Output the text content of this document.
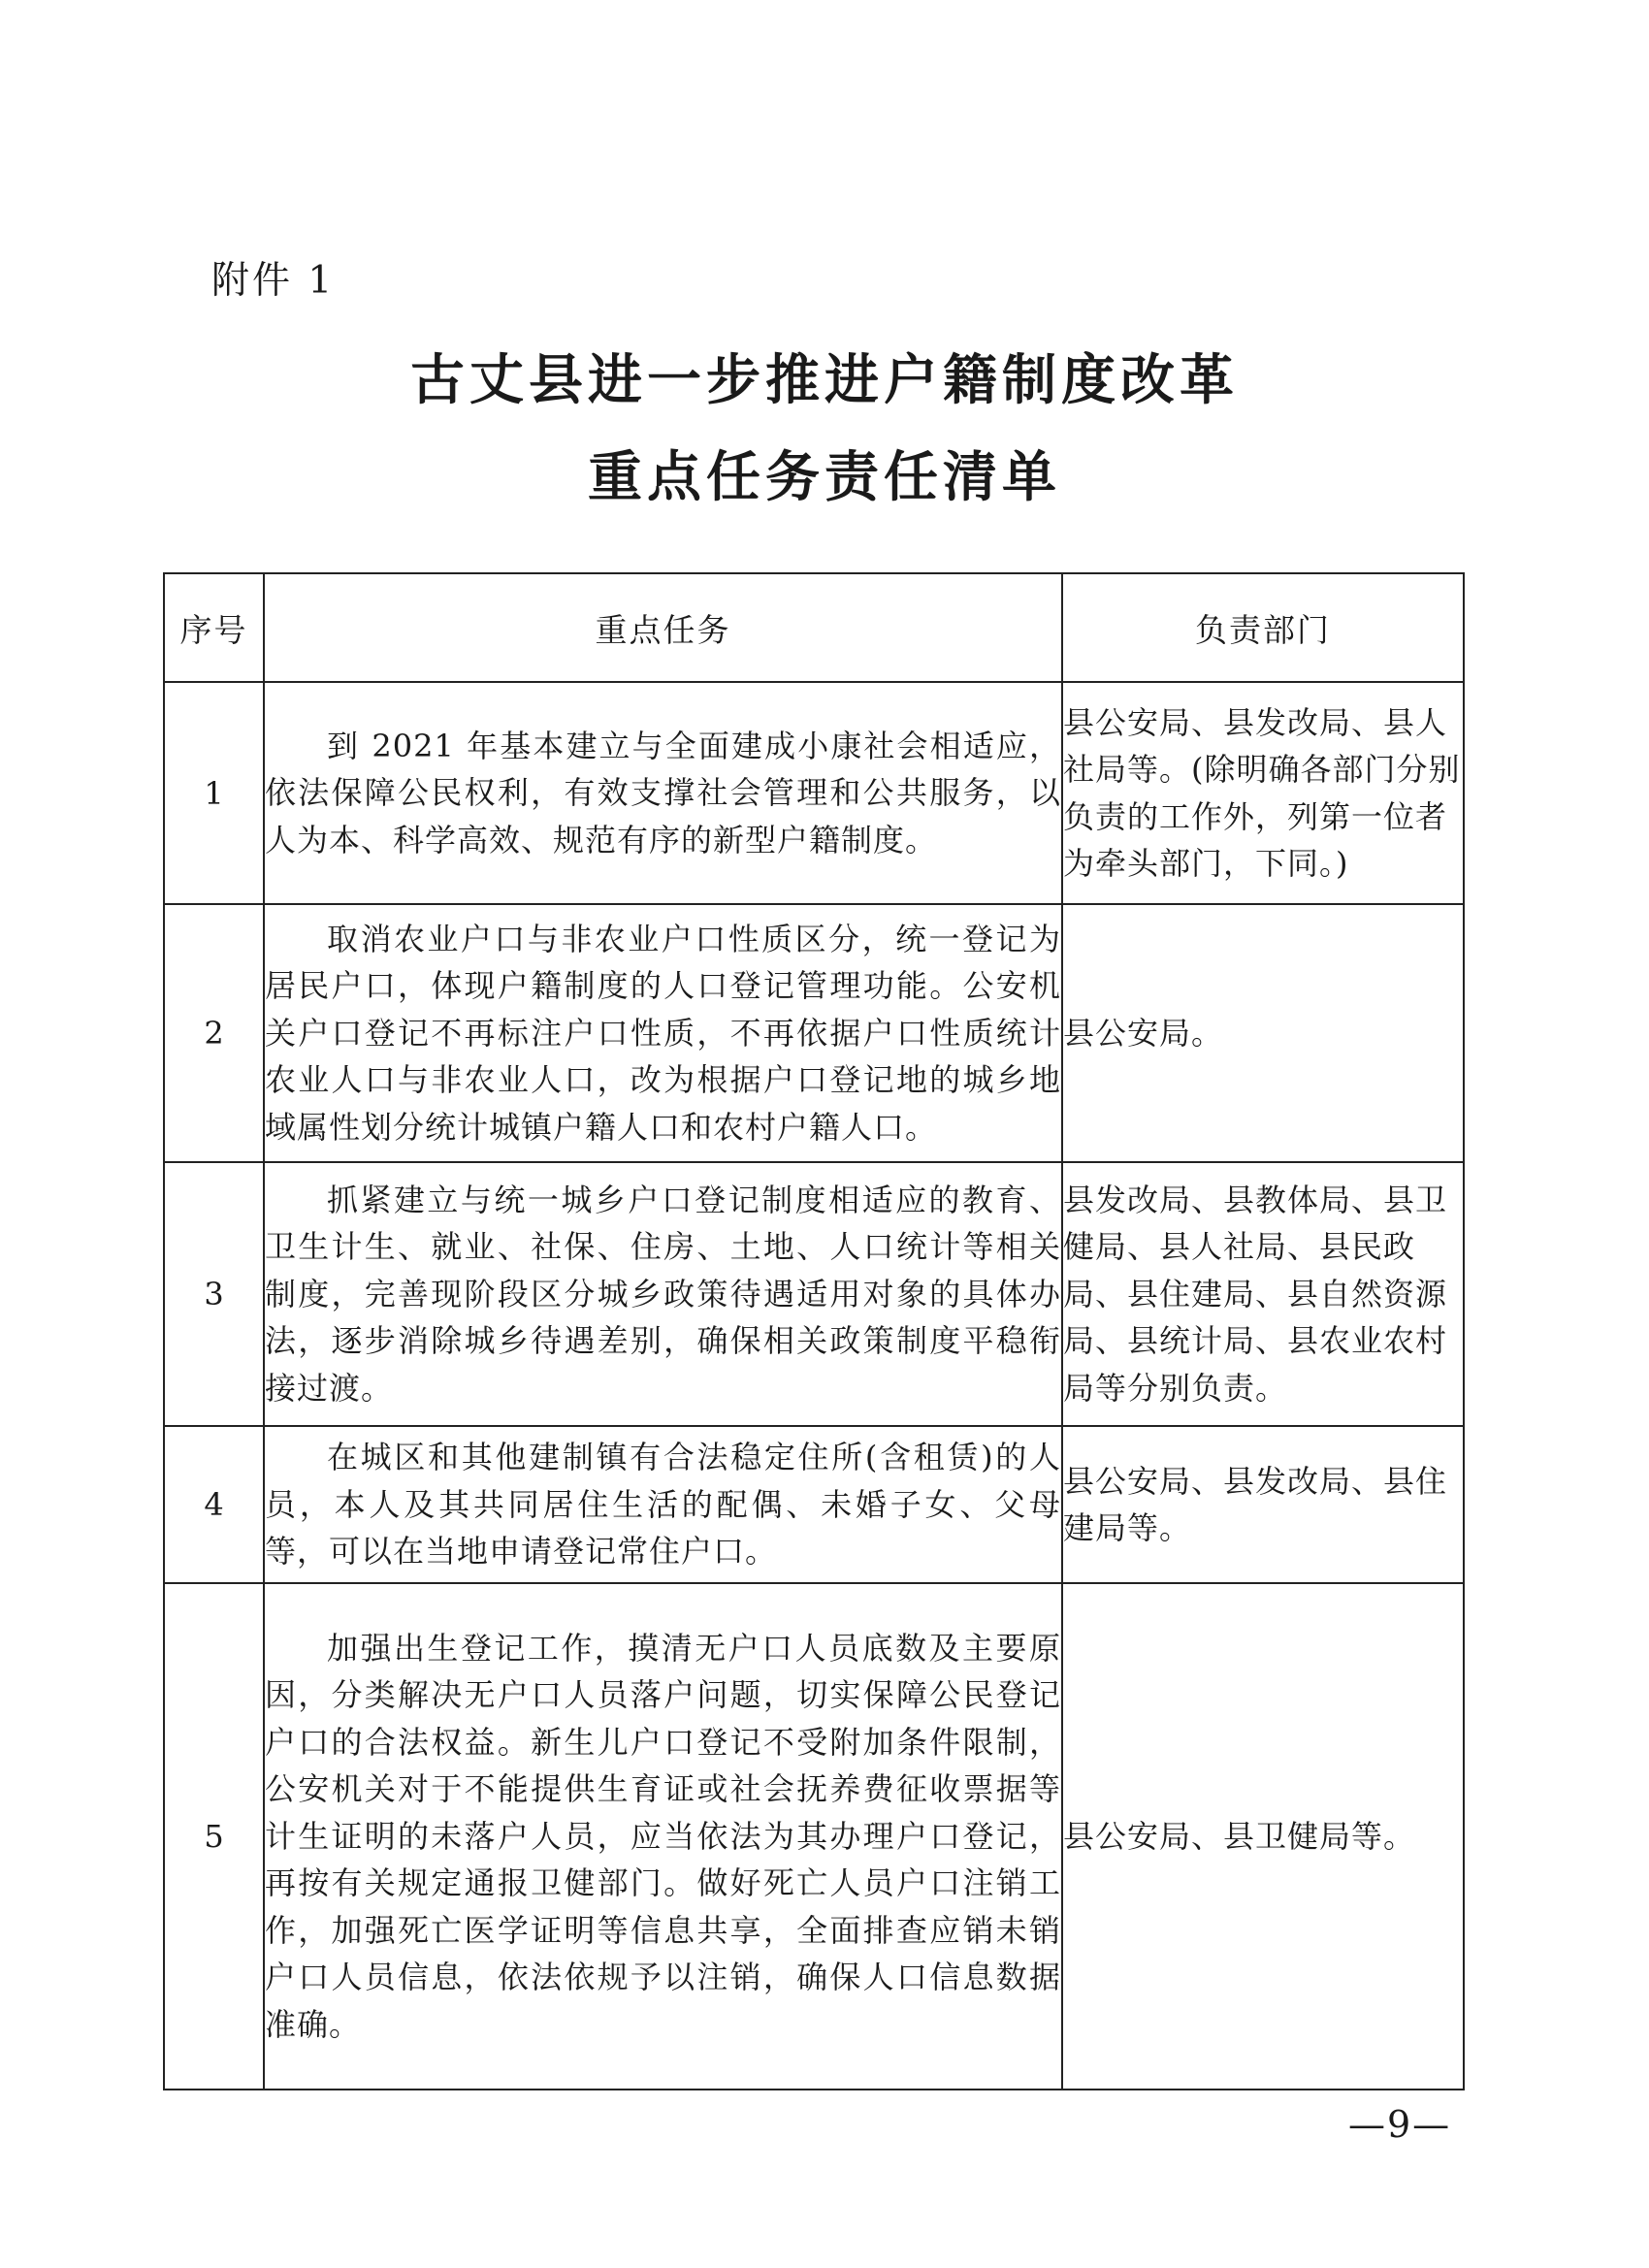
附件 1
古丈县进一步推进户籍制度改革
重点任务责任清单
序号	重点任务	负责部门
1	到 2021 年基本建立与全面建成小康社会相适应，依法保障公民权利，有效支撑社会管理和公共服务，以人为本、科学高效、规范有序的新型户籍制度。	县公安局、县发改局、县人社局等。(除明确各部门分别负责的工作外，列第一位者为牵头部门，下同。)
2	取消农业户口与非农业户口性质区分，统一登记为居民户口，体现户籍制度的人口登记管理功能。公安机关户口登记不再标注户口性质，不再依据户口性质统计农业人口与非农业人口，改为根据户口登记地的城乡地域属性划分统计城镇户籍人口和农村户籍人口。	县公安局。
3	抓紧建立与统一城乡户口登记制度相适应的教育、卫生计生、就业、社保、住房、土地、人口统计等相关制度，完善现阶段区分城乡政策待遇适用对象的具体办法，逐步消除城乡待遇差别，确保相关政策制度平稳衔接过渡。	县发改局、县教体局、县卫健局、县人社局、县民政局、县住建局、县自然资源局、县统计局、县农业农村局等分别负责。
4	在城区和其他建制镇有合法稳定住所(含租赁)的人员，本人及其共同居住生活的配偶、未婚子女、父母等，可以在当地申请登记常住户口。	县公安局、县发改局、县住建局等。
5	加强出生登记工作，摸清无户口人员底数及主要原因，分类解决无户口人员落户问题，切实保障公民登记户口的合法权益。新生儿户口登记不受附加条件限制，公安机关对于不能提供生育证或社会抚养费征收票据等计生证明的未落户人员，应当依法为其办理户口登记，再按有关规定通报卫健部门。做好死亡人员户口注销工作，加强死亡医学证明等信息共享，全面排查应销未销户口人员信息，依法依规予以注销，确保人口信息数据准确。	县公安局、县卫健局等。
—9—
